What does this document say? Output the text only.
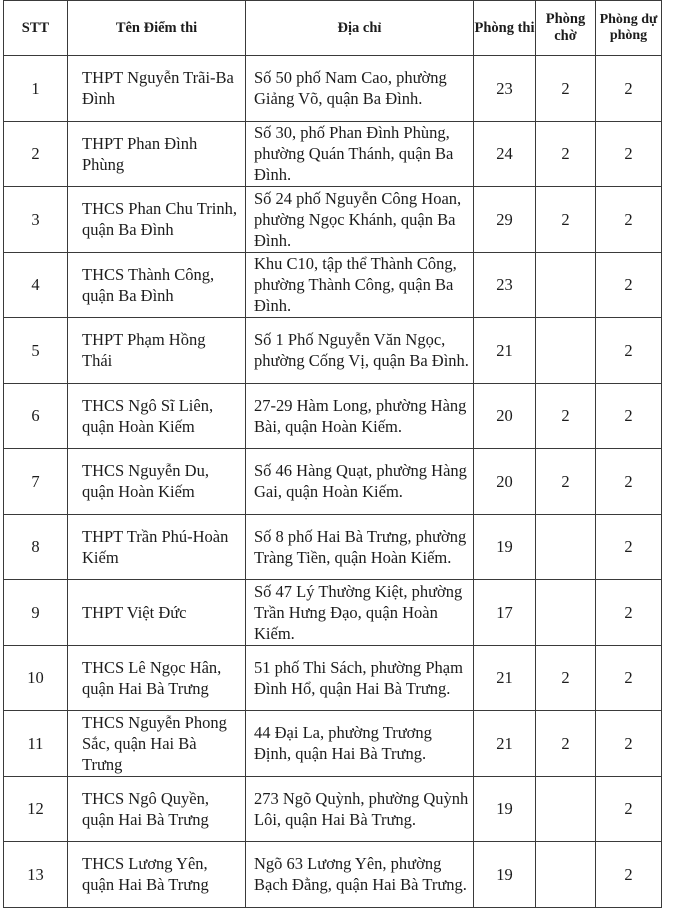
STT	Tên Điểm thi	Địa chỉ	Phòng thi	Phòng chờ	Phòng dự phòng
1	THPT Nguyễn Trãi-Ba Đình	Số 50 phố Nam Cao, phường Giảng Võ, quận Ba Đình.	23	2	2
2	THPT Phan Đình Phùng	Số 30, phố Phan Đình Phùng, phường Quán Thánh, quận Ba Đình.	24	2	2
3	THCS Phan Chu Trinh, quận Ba Đình	Số 24 phố Nguyễn Công Hoan, phường Ngọc Khánh, quận Ba Đình.	29	2	2
4	THCS Thành Công, quận Ba Đình	Khu C10, tập thể Thành Công, phường Thành Công, quận Ba Đình.	23		2
5	THPT Phạm Hồng Thái	Số 1 Phố Nguyễn Văn Ngọc, phường Cống Vị, quận Ba Đình.	21		2
6	THCS Ngô Sĩ Liên, quận Hoàn Kiếm	27-29 Hàm Long, phường Hàng Bài, quận Hoàn Kiếm.	20	2	2
7	THCS Nguyễn Du, quận Hoàn Kiếm	Số 46 Hàng Quạt, phường Hàng Gai, quận Hoàn Kiếm.	20	2	2
8	THPT Trần Phú-Hoàn Kiếm	Số 8 phố Hai Bà Trưng, phường Tràng Tiền, quận Hoàn Kiếm.	19		2
9	THPT Việt Đức	Số 47 Lý Thường Kiệt, phường Trần Hưng Đạo, quận Hoàn Kiếm.	17		2
10	THCS Lê Ngọc Hân, quận Hai Bà Trưng	51 phố Thi Sách, phường Phạm Đình Hổ, quận Hai Bà Trưng.	21	2	2
11	THCS Nguyễn Phong Sắc, quận Hai Bà Trưng	44 Đại La, phường Trương Định, quận Hai Bà Trưng.	21	2	2
12	THCS Ngô Quyền, quận Hai Bà Trưng	273 Ngõ Quỳnh, phường Quỳnh Lôi, quận Hai Bà Trưng.	19		2
13	THCS Lương Yên, quận Hai Bà Trưng	Ngõ 63 Lương Yên, phường Bạch Đằng, quận Hai Bà Trưng.	19		2
